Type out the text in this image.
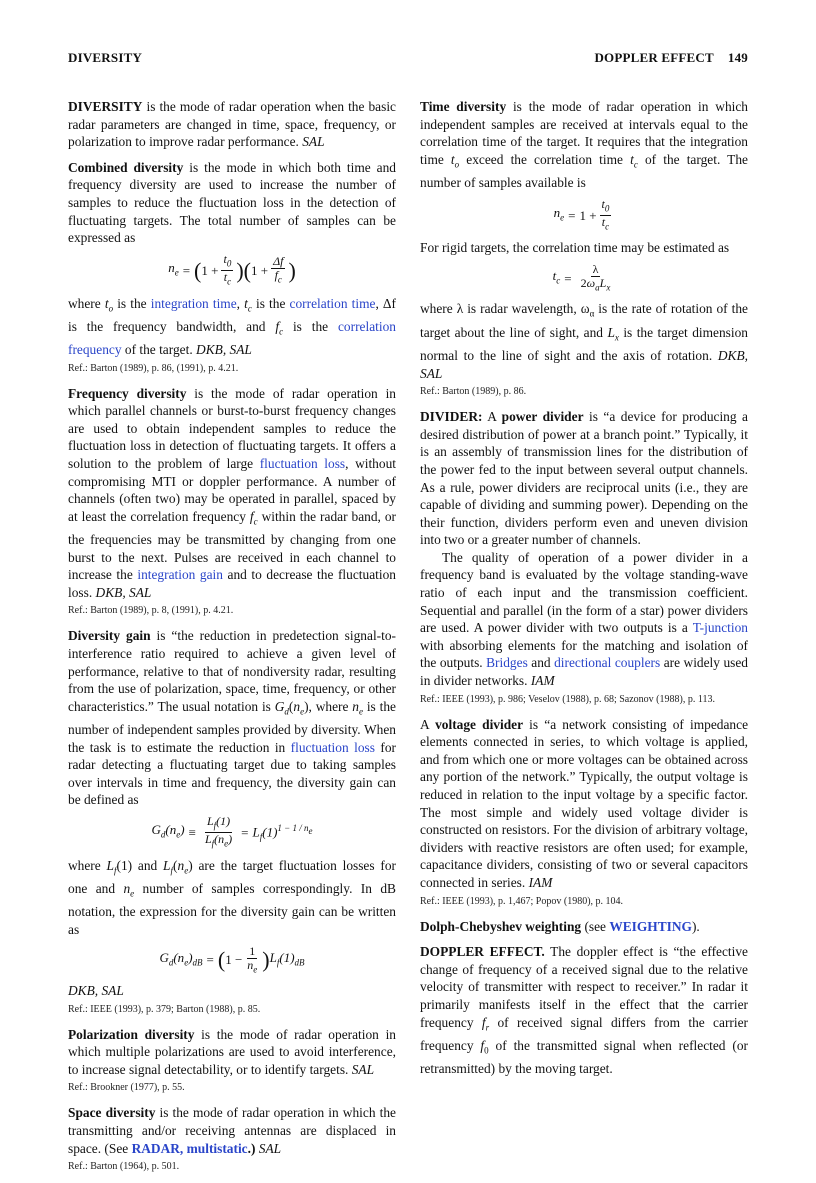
DIVERSITY	DOPPLER EFFECT 149

DIVERSITY is the mode of radar operation when the basic radar parameters are changed in time, space, frequency, or polarization to improve radar performance. SAL

Combined diversity is the mode in which both time and frequency diversity are used to increase the number of samples to reduce the fluctuation loss in the detection of fluctuating targets. The total number of samples can be expressed as

$n_e$ = ( $1 + \frac{t_0}{t_c}$ )( $1 + \frac{\Delta f}{f_c}$ )

where $t_o$ is the integration time, $t_c$ is the correlation time, Δf is the frequency bandwidth, and $f_c$ is the correlation frequency of the target. DKB, SAL

Ref.: Barton (1989), p. 86, (1991), p. 4.21.

Frequency diversity is the mode of radar operation in which parallel channels or burst-to-burst frequency changes are used to obtain independent samples to reduce the fluctuation loss in detection of fluctuating targets. It offers a solution to the problem of large fluctuation loss, without compromising MTI or doppler performance. A number of channels (often two) may be operated in parallel, spaced by at least the correlation frequency $f_c$ within the radar band, or the frequencies may be transmitted by changing from one burst to the next. Pulses are received in each channel to increase the integration gain and to decrease the fluctuation loss. DKB, SAL

Ref.: Barton (1989), p. 8, (1991), p. 4.21.

Diversity gain is “the reduction in predetection signal-to-interference ratio required to achieve a given level of performance, relative to that of nondiversity radar, resulting from the use of polarization, space, time, frequency, or other characteristics.” The usual notation is $G_d(n_e)$, where $n_e$ is the number of independent samples provided by diversity. When the task is to estimate the reduction in fluctuation loss for radar detecting a fluctuating target due to taking samples over intervals in time and frequency, the diversity gain can be defined as

$G_d(n_e) \equiv \frac{L_f(1)}{L_f(n_e)} = L_f(1)^{1 - 1 / n_e}$

where $L_f(1)$ and $L_f(n_e)$ are the target fluctuation losses for one and $n_e$ number of samples correspondingly. In dB notation, the expression for the diversity gain can be written as

$G_d(n_e)_{dB}$ = ( $1 - \frac{1}{n_e}$ ) $L_f(1)_{dB}$

DKB, SAL

Ref.: IEEE (1993), p. 379; Barton (1988), p. 85.

Polarization diversity is the mode of radar operation in which multiple polarizations are used to avoid interference, to increase signal detectability, or to identify targets. SAL

Ref.: Brookner (1977), p. 55.

Space diversity is the mode of radar operation in which the transmitting and/or receiving antennas are displaced in space. (See RADAR, multistatic.) SAL

Ref.: Barton (1964), p. 501.

Time diversity is the mode of radar operation in which independent samples are received at intervals equal to the correlation time of the target. It requires that the integration time $t_o$ exceed the correlation time $t_c$ of the target. The number of samples available is

$n_e = 1 + \frac{t_0}{t_c}$

For rigid targets, the correlation time may be estimated as

$t_c = \frac{\lambda}{2\omega_aL_x}$

where λ is radar wavelength, $\omega_\alpha$ is the rate of rotation of the target about the line of sight, and $L_x$ is the target dimension normal to the line of sight and the axis of rotation. DKB, SAL

Ref.: Barton (1989), p. 86.

DIVIDER: A power divider is “a device for producing a desired distribution of power at a branch point.” Typically, it is an assembly of transmission lines for the distribution of the power fed to the input between several output channels. As a rule, power dividers are reciprocal units (i.e., they are capable of dividing and summing power). Depending on the their function, dividers perform even and uneven division into two or a greater number of channels.

The quality of operation of a power divider in a frequency band is evaluated by the voltage standing-wave ratio of each input and the transmission coefficient. Sequential and parallel (in the form of a star) power dividers are used. A power divider with two outputs is a T-junction with absorbing elements for the matching and isolation of the outputs. Bridges and directional couplers are widely used in divider networks. IAM

Ref.: IEEE (1993), p. 986; Veselov (1988), p. 68; Sazonov (1988), p. 113.

A voltage divider is “a network consisting of impedance elements connected in series, to which voltage is applied, and from which one or more voltages can be obtained across any portion of the network.” Typically, the output voltage is reduced in relation to the input voltage by a specific factor. The most simple and widely used voltage divider is constructed on resistors. For the division of arbitrary voltage, dividers with reactive resistors are often used; for example, capacitance dividers, consisting of two or several capacitors connected in series. IAM

Ref.: IEEE (1993), p. 1,467; Popov (1980), p. 104.

Dolph-Chebyshev weighting (see WEIGHTING).

DOPPLER EFFECT. The doppler effect is “the effective change of frequency of a received signal due to the relative velocity of transmitter with respect to receiver.” In radar it primarily manifests itself in the effect that the carrier frequency $f_r$ of received signal differs from the carrier frequency $f_0$ of the transmitted signal when reflected (or retransmitted) by the moving target.
